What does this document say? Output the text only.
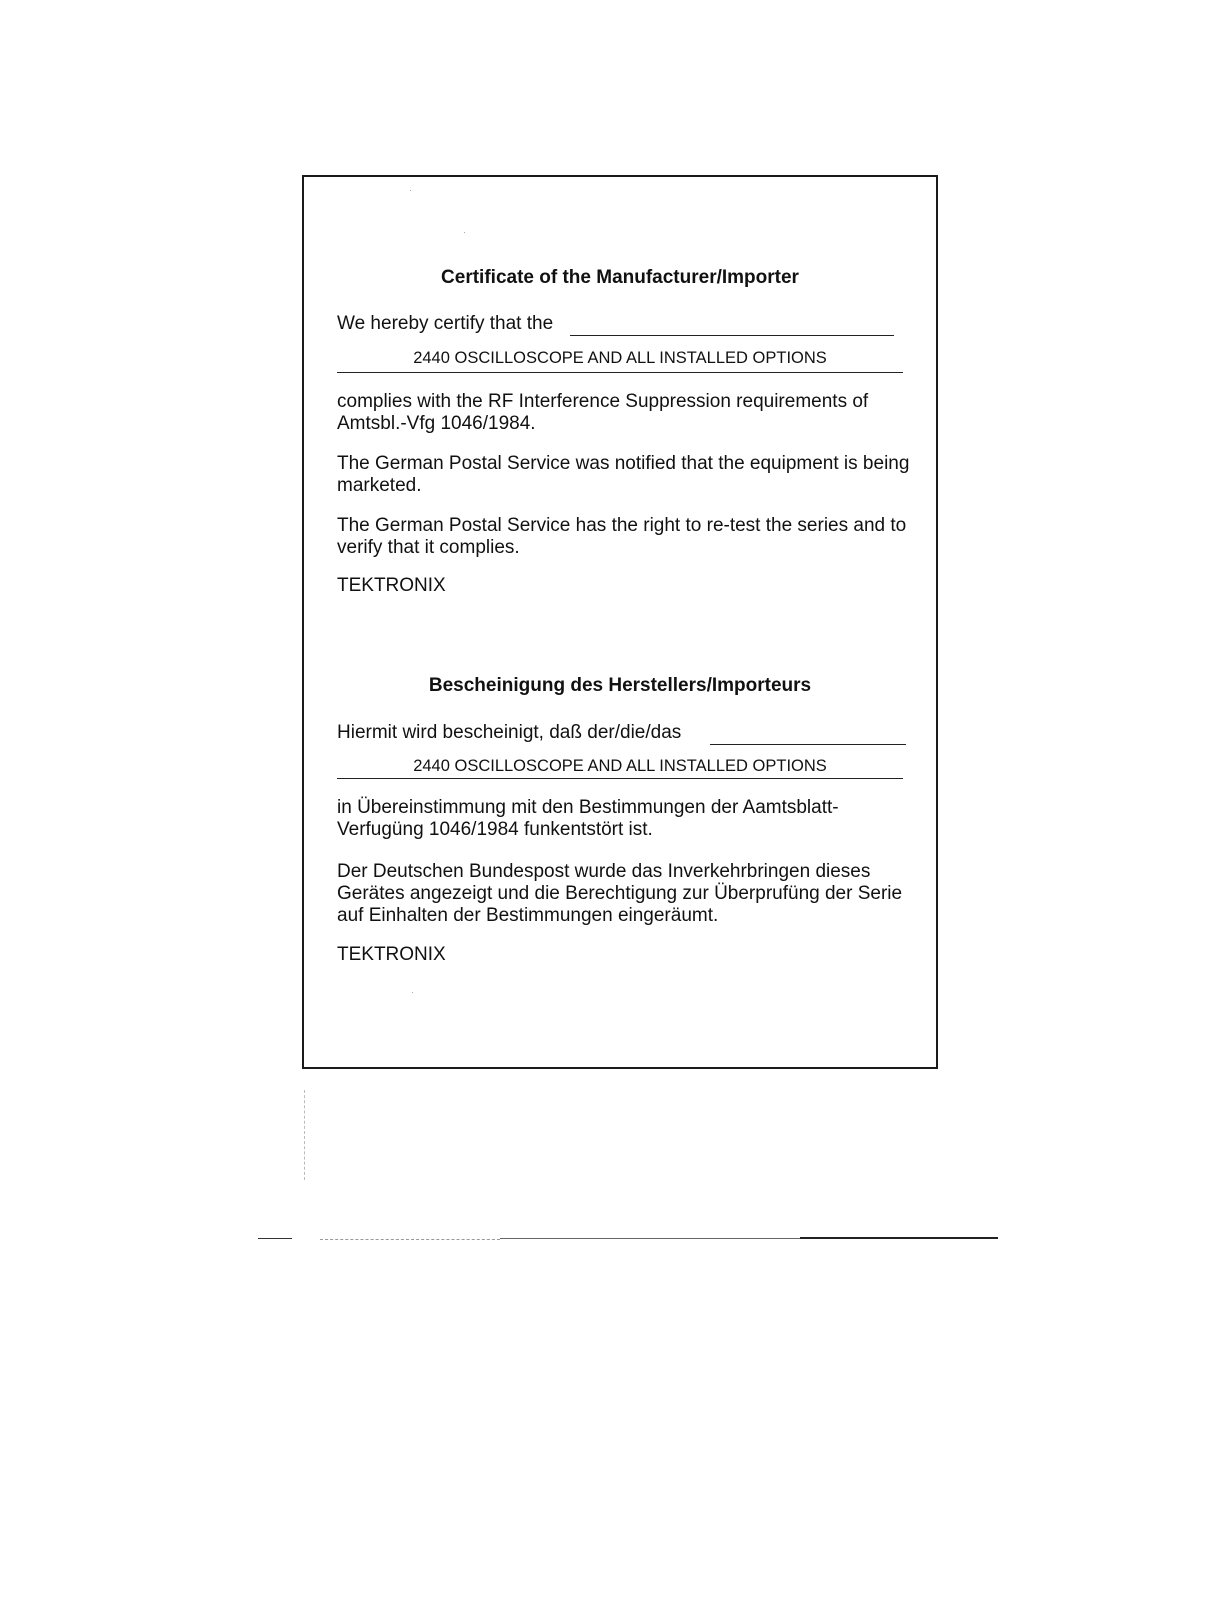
Certificate of the Manufacturer/Importer
We hereby certify that the
2440 OSCILLOSCOPE AND ALL INSTALLED OPTIONS
complies with the RF Interference Suppression requirements of Amtsbl.-Vfg 1046/1984.
The German Postal Service was notified that the equipment is being marketed.
The German Postal Service has the right to re-test the series and to verify that it complies.
TEKTRONIX
Bescheinigung des Herstellers/Importeurs
Hiermit wird bescheinigt, daß der/die/das
2440 OSCILLOSCOPE AND ALL INSTALLED OPTIONS
in Übereinstimmung mit den Bestimmungen der Aamtsblatt-Verfugüng 1046/1984 funkentstört ist.
Der Deutschen Bundespost wurde das Inverkehrbringen dieses Gerätes angezeigt und die Berechtigung zur Überprufüng der Serie auf Einhalten der Bestimmungen eingeräumt.
TEKTRONIX
